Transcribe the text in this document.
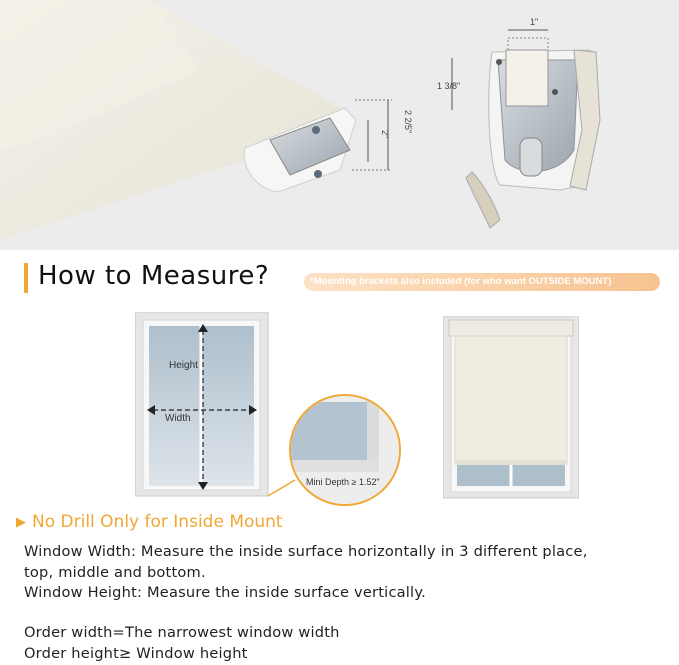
2 2/5"
2"
1"
1 3/8"
How to Measure?	*Mounting brackets also included (for who want OUTSIDE MOUNT)
Height
Width
Mini Depth ≥ 1.52"
▶ No Drill Only for Inside Mount
Window Width: Measure the inside surface horizontally in 3 different place,
top, middle and bottom.
Window Height: Measure the inside surface vertically.
Order width=The narrowest window width
Order height≥ Window height
